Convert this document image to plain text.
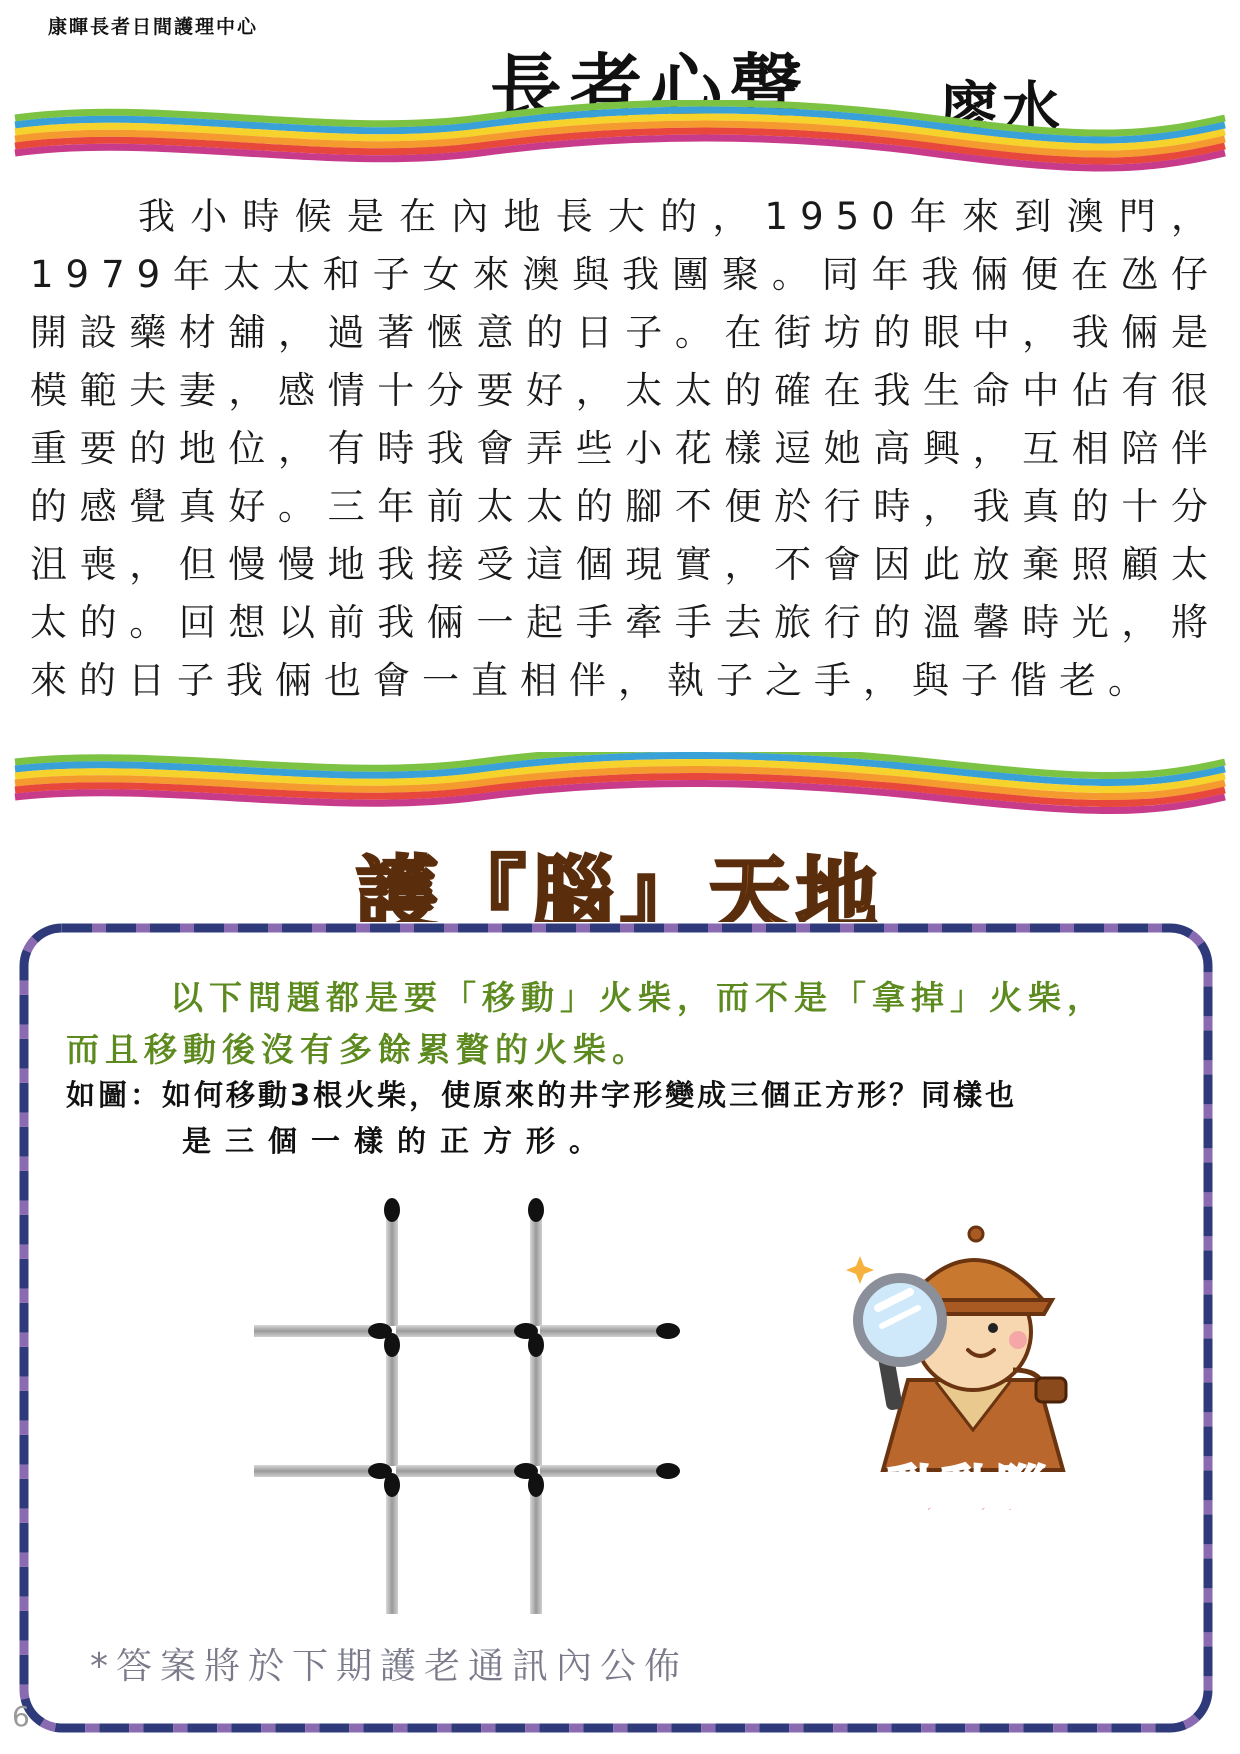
康暉長者日間護理中心
長者心聲 廖水

我小時候是在內地長大的，1950年來到澳門，1979年太太和子女來澳與我團聚。同年我倆便在氹仔開設藥材舖，過著愜意的日子。在街坊的眼中，我倆是模範夫妻，感情十分要好，太太的確在我生命中佔有很重要的地位，有時我會弄些小花樣逗她高興，互相陪伴的感覺真好。三年前太太的腳不便於行時，我真的十分沮喪，但慢慢地我接受這個現實，不會因此放棄照顧太太的。回想以前我倆一起手牽手去旅行的溫馨時光，將來的日子我倆也會一直相伴，執子之手，與子偕老。

護『腦』天地

以下問題都是要「移動」火柴，而不是「拿掉」火柴，

而且移動後沒有多餘累贅的火柴。

如圖：如何移動3根火柴，使原來的井字形變成三個正方形？同樣也
是三個一樣的正方形。
動動腦
*答案將於下期護老通訊內公佈
6
